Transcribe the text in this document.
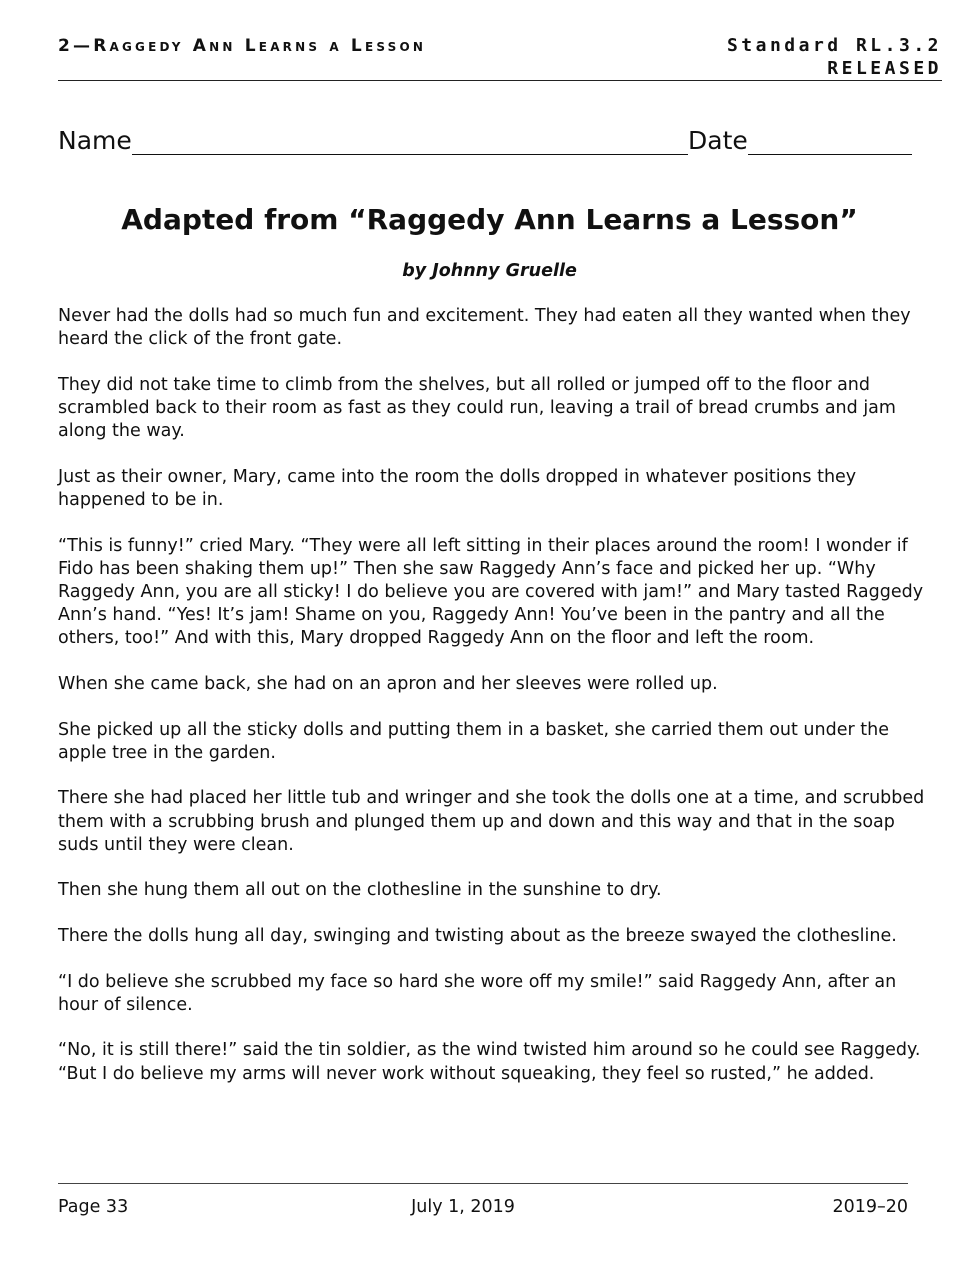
2—Raggedy Ann Learns a Lesson	Standard RL.3.2
RELEASED
Name	Date
Adapted from “Raggedy Ann Learns a Lesson”
by Johnny Gruelle

Never had the dolls had so much fun and excitement. They had eaten all they wanted when they heard the click of the front gate.

They did not take time to climb from the shelves, but all rolled or jumped off to the floor and scrambled back to their room as fast as they could run, leaving a trail of bread crumbs and jam along the way.

Just as their owner, Mary, came into the room the dolls dropped in whatever positions they happened to be in.

“This is funny!” cried Mary. “They were all left sitting in their places around the room! I wonder if Fido has been shaking them up!” Then she saw Raggedy Ann’s face and picked her up. “Why Raggedy Ann, you are all sticky! I do believe you are covered with jam!” and Mary tasted Raggedy Ann’s hand. “Yes! It’s jam! Shame on you, Raggedy Ann! You’ve been in the pantry and all the others, too!” And with this, Mary dropped Raggedy Ann on the floor and left the room.

When she came back, she had on an apron and her sleeves were rolled up.

She picked up all the sticky dolls and putting them in a basket, she carried them out under the apple tree in the garden.

There she had placed her little tub and wringer and she took the dolls one at a time, and scrubbed them with a scrubbing brush and plunged them up and down and this way and that in the soap suds until they were clean.

Then she hung them all out on the clothesline in the sunshine to dry.

There the dolls hung all day, swinging and twisting about as the breeze swayed the clothesline.

“I do believe she scrubbed my face so hard she wore off my smile!” said Raggedy Ann, after an hour of silence.

“No, it is still there!” said the tin soldier, as the wind twisted him around so he could see Raggedy. “But I do believe my arms will never work without squeaking, they feel so rusted,” he added.

Page 33	July 1, 2019	2019–20
